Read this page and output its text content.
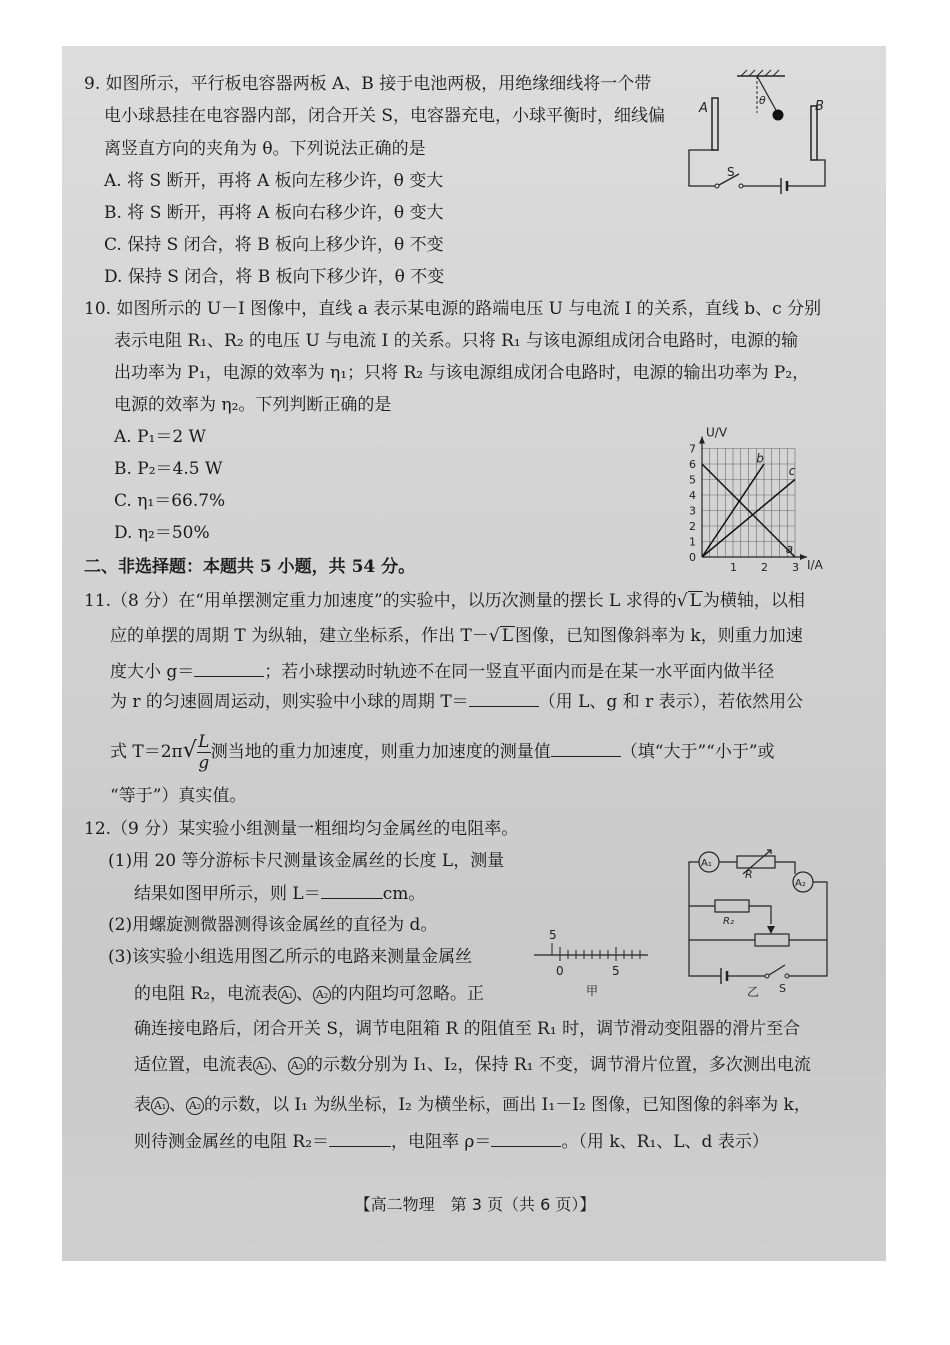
9. 如图所示，平行板电容器两板 A、B 接于电池两极，用绝缘细线将一个带
电小球悬挂在电容器内部，闭合开关 S，电容器充电，小球平衡时，细线偏
离竖直方向的夹角为 θ。下列说法正确的是
A. 将 S 断开，再将 A 板向左移少许，θ 变大
B. 将 S 断开，再将 A 板向右移少许，θ 变大
C. 保持 S 闭合，将 B 板向上移少许，θ 不变
D. 保持 S 闭合，将 B 板向下移少许，θ 不变
θ
A	B
S
10. 如图所示的 U－I 图像中，直线 a 表示某电源的路端电压 U 与电流 I 的关系，直线 b、c 分别
表示电阻 R₁、R₂ 的电压 U 与电流 I 的关系。只将 R₁ 与该电源组成闭合电路时，电源的输
出功率为 P₁，电源的效率为 η₁；只将 R₂ 与该电源组成闭合电路时，电源的输出功率为 P₂，
电源的效率为 η₂。下列判断正确的是
A. P₁＝2 W
B. P₂＝4.5 W
C. η₁＝66.7%
D. η₂＝50%
U/V
I/A
0
1
2
3
4
5
6
7
1 2 3
a
b
c
二、非选择题：本题共 5 小题，共 54 分。
11.（8 分）在“用单摆测定重力加速度”的实验中，以历次测量的摆长 L 求得的√ L 为横轴，以相
应的单摆的周期 T 为纵轴，建立坐标系，作出 T－√ L 图像，已知图像斜率为 k，则重力加速
度大小 g＝	；若小球摆动时轨迹不在同一竖直平面内而是在某一水平面内做半径
为 r 的匀速圆周运动，则实验中小球的周期 T＝	（用 L、g 和 r 表示），若依然用公
式 $T=2\pi√ \frac{L}{g}$ 测当地的重力加速度，则重力加速度的测量值	（填“大于”“小于”或
“等于”）真实值。
12.（9 分）某实验小组测量一粗细均匀金属丝的电阻率。
(1)用 20 等分游标卡尺测量该金属丝的长度 L，测量
结果如图甲所示，则 L＝	cm。
(2)用螺旋测微器测得该金属丝的直径为 d。
(3)该实验小组选用图乙所示的电路来测量金属丝
的电阻 R₂，电流表 A₁ 、 A₂ 的内阻均可忽略。正
确连接电路后，闭合开关 S，调节电阻箱 R 的阻值至 R₁ 时，调节滑动变阻器的滑片至合
适位置，电流表 A₁ 、 A₂ 的示数分别为 I₁、I₂，保持 R₁ 不变，调节滑片位置，多次测出电流
表 A₁ 、 A₂ 的示数，以 I₁ 为纵坐标，I₂ 为横坐标，画出 I₁－I₂ 图像，已知图像的斜率为 k，
则待测金属丝的电阻 R₂＝	，电阻率 ρ＝	。（用 k、R₁、L、d 表示）
5
0	5
甲
A₁
R
A₂
R₂
S
乙
【高二物理　第 3 页（共 6 页）】
